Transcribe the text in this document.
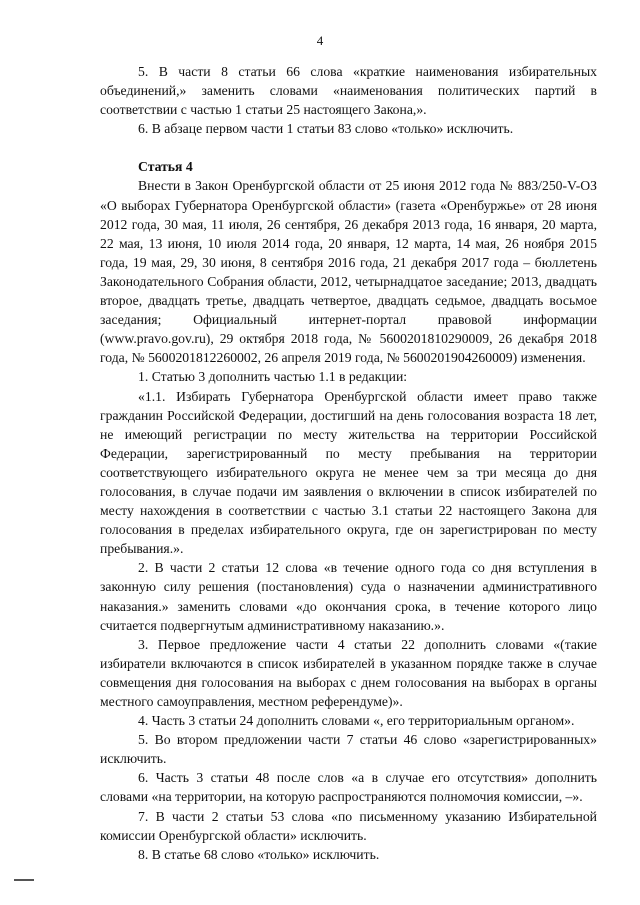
4

5. В части 8 статьи 66 слова «краткие наименования избирательных объединений,» заменить словами «наименования политических партий в соответствии с частью 1 статьи 25 настоящего Закона,».

6. В абзаце первом части 1 статьи 83 слово «только» исключить.

Статья 4

Внести в Закон Оренбургской области от 25 июня 2012 года № 883/250-V-ОЗ «О выборах Губернатора Оренбургской области» (газета «Оренбуржье» от 28 июня 2012 года, 30 мая, 11 июля, 26 сентября, 26 декабря 2013 года, 16 января, 20 марта, 22 мая, 13 июня, 10 июля 2014 года, 20 января, 12 марта, 14 мая, 26 ноября 2015 года, 19 мая, 29, 30 июня, 8 сентября 2016 года, 21 декабря 2017 года – бюллетень Законодательного Собрания области, 2012, четырнадцатое заседание; 2013, двадцать второе, двадцать третье, двадцать четвертое, двадцать седьмое, двадцать восьмое заседания; Официальный интернет-портал правовой информации (www.pravo.gov.ru), 29 октября 2018 года, № 5600201810290009, 26 декабря 2018 года, № 5600201812260002, 26 апреля 2019 года, № 5600201904260009) изменения.

1. Статью 3 дополнить частью 1.1 в редакции:

«1.1. Избирать Губернатора Оренбургской области имеет право также гражданин Российской Федерации, достигший на день голосования возраста 18 лет, не имеющий регистрации по месту жительства на территории Российской Федерации, зарегистрированный по месту пребывания на территории соответствующего избирательного округа не менее чем за три месяца до дня голосования, в случае подачи им заявления о включении в список избирателей по месту нахождения в соответствии с частью 3.1 статьи 22 настоящего Закона для голосования в пределах избирательного округа, где он зарегистрирован по месту пребывания.».

2. В части 2 статьи 12 слова «в течение одного года со дня вступления в законную силу решения (постановления) суда о назначении административного наказания.» заменить словами «до окончания срока, в течение которого лицо считается подвергнутым административному наказанию.».

3. Первое предложение части 4 статьи 22 дополнить словами «(такие избиратели включаются в список избирателей в указанном порядке также в случае совмещения дня голосования на выборах с днем голосования на выборах в органы местного самоуправления, местном референдуме)».

4. Часть 3 статьи 24 дополнить словами «, его территориальным органом».

5. Во втором предложении части 7 статьи 46 слово «зарегистрированных» исключить.

6. Часть 3 статьи 48 после слов «а в случае его отсутствия» дополнить словами «на территории, на которую распространяются полномочия комиссии, –».

7. В части 2 статьи 53 слова «по письменному указанию Избирательной комиссии Оренбургской области» исключить.

8. В статье 68 слово «только» исключить.
